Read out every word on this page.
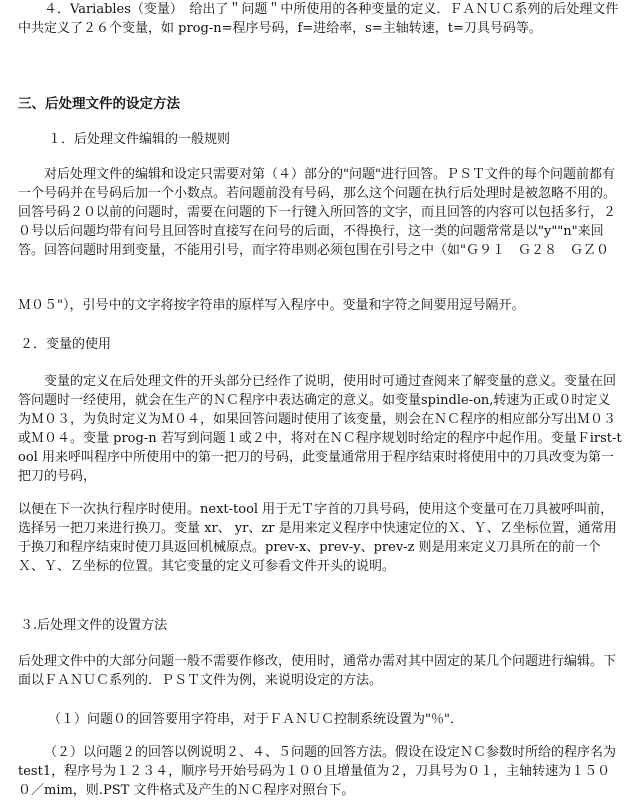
４．Variables（变量）　给出了＂问题＂中所使用的各种变量的定义．ＦＡＮＵＣ系列的后处理文件中共定义了２６个变量，如 prog-n=程序号码，f=进给率，s=主轴转速，t=刀具号码等。

三、后处理文件的设定方法

１．后处理文件编辑的一般规则

对后处理文件的编辑和设定只需要对第（４）部分的"问题"进行回答。ＰＳＴ文件的每个问题前都有一个号码并在号码后加一个小数点。若问题前没有号码，那么这个问题在执行后处理时是被忽略不用的。回答号码２０以前的问题时，需要在问题的下一行键入所回答的文字，而且回答的内容可以包括多行，２０号以后问题均带有问号且回答时直接写在问号的后面，不得换行，这一类的问题常常是以"y""n"来回答。回答问题时用到变量，不能用引号，而字符串则必须包围在引号之中（如"Ｇ９１　Ｇ２８　ＧＺ０

Ｍ０５"），引号中的文字将按字符串的原样写入程序中。变量和字符之间要用逗号隔开。

２．变量的使用

变量的定义在后处理文件的开头部分已经作了说明，使用时可通过查阅来了解变量的意义。变量在回答问题时一经使用，就会在生产的ＮＣ程序中表达确定的意义。如变量spindle-on,转速为正或０时定义为Ｍ０３，为负时定义为Ｍ０４，如果回答问题时使用了该变量，则会在ＮＣ程序的相应部分写出Ｍ０３或Ｍ０４。变量 prog-n 若写到问题１或２中，将对在ＮＣ程序规划时给定的程序中起作用。变量Ｆirst-tool 用来呼叫程序中所使用中的第一把刀的号码，此变量通常用于程序结束时将使用中的刀具改变为第一把刀的号码，

以便在下一次执行程序时使用。next-tool 用于无Ｔ字首的刀具号码，使用这个变量可在刀具被呼叫前，选择另一把刀来进行换刀。变量 xr、 yr、zr 是用来定义程序中快速定位的Ｘ、Ｙ、Ｚ坐标位置，通常用于换刀和程序结束时使刀具返回机械原点。prev-x、prev-y、prev-z 则是用来定义刀具所在的前一个Ｘ、Ｙ、Ｚ坐标的位置。其它变量的定义可参看文件开头的说明。

３.后处理文件的设置方法

后处理文件中的大部分问题一般不需要作修改，使用时，通常办需对其中固定的某几个问题进行编辑。下面以ＦＡＮＵＣ系列的．ＰＳＴ文件为例，来说明设定的方法。

（１）问题０的回答要用字符串，对于ＦＡＮＵＣ控制系统设置为"％"．

（２）以问题２的回答以例说明２、４、５问题的回答方法。假设在设定ＮＣ参数时所给的程序名为 test1，程序号为１２３４，顺序号开始号码为１００且增量值为２，刀具号为０１，主轴转速为１５００／mim，则.PST 文件格式及产生的ＮＣ程序对照台下。
